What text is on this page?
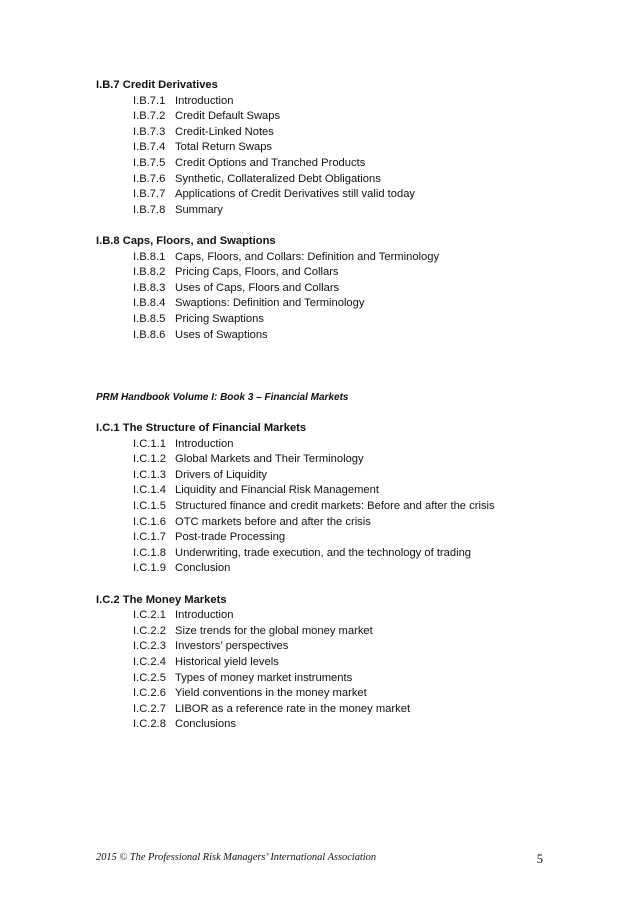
I.B.7 Credit Derivatives
I.B.7.1 Introduction
I.B.7.2 Credit Default Swaps
I.B.7.3 Credit-Linked Notes
I.B.7.4 Total Return Swaps
I.B.7.5 Credit Options and Tranched Products
I.B.7.6 Synthetic, Collateralized Debt Obligations
I.B.7.7 Applications of Credit Derivatives still valid today
I.B.7.8 Summary
I.B.8 Caps, Floors, and Swaptions
I.B.8.1 Caps, Floors, and Collars: Definition and Terminology
I.B.8.2 Pricing Caps, Floors, and Collars
I.B.8.3 Uses of Caps, Floors and Collars
I.B.8.4 Swaptions: Definition and Terminology
I.B.8.5 Pricing Swaptions
I.B.8.6 Uses of Swaptions
PRM Handbook Volume I: Book 3 – Financial Markets
I.C.1 The Structure of Financial Markets
I.C.1.1 Introduction
I.C.1.2 Global Markets and Their Terminology
I.C.1.3 Drivers of Liquidity
I.C.1.4 Liquidity and Financial Risk Management
I.C.1.5 Structured finance and credit markets: Before and after the crisis
I.C.1.6 OTC markets before and after the crisis
I.C.1.7 Post-trade Processing
I.C.1.8 Underwriting, trade execution, and the technology of trading
I.C.1.9 Conclusion
I.C.2 The Money Markets
I.C.2.1 Introduction
I.C.2.2 Size trends for the global money market
I.C.2.3 Investors’ perspectives
I.C.2.4 Historical yield levels
I.C.2.5 Types of money market instruments
I.C.2.6 Yield conventions in the money market
I.C.2.7 LIBOR as a reference rate in the money market
I.C.2.8 Conclusions
2015 © The Professional Risk Managers’ International Association	5
